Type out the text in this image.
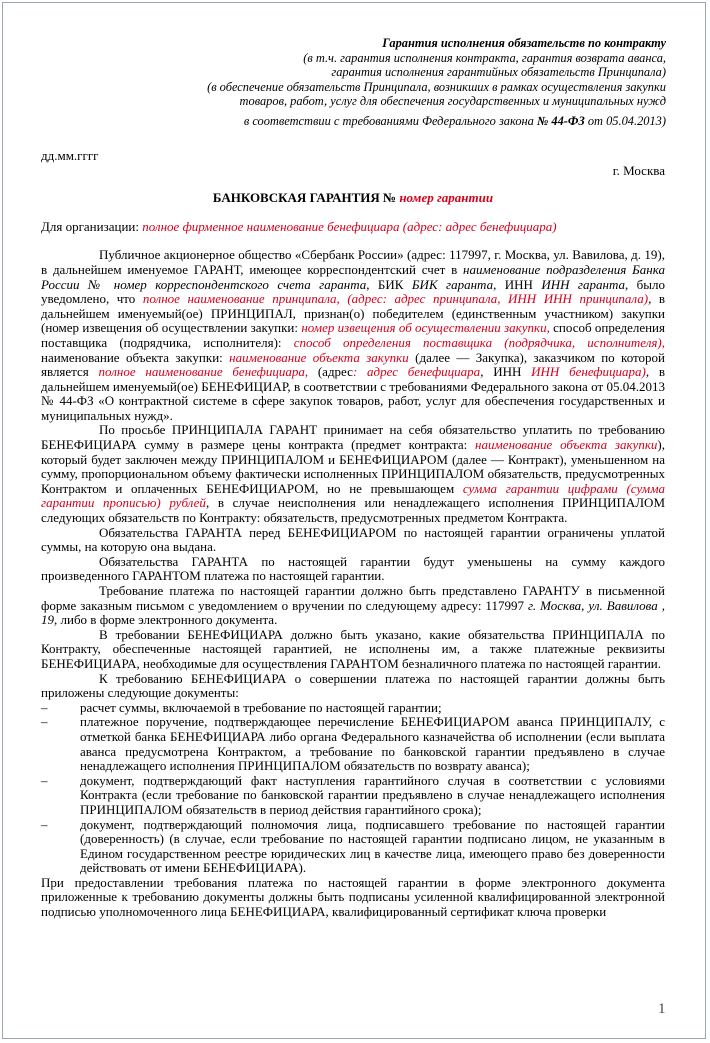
Гарантия исполнения обязательств по контракту
(в т.ч. гарантия исполнения контракта, гарантия возврата аванса,
гарантия исполнения гарантийных обязательств Принципала)
(в обеспечение обязательств Принципала, возникших в рамках осуществления закупки
товаров, работ, услуг для обеспечения государственных и муниципальных нужд
в соответствии с требованиями Федерального закона № 44-ФЗ от 05.04.2013)
дд.мм.гггг
г. Москва
БАНКОВСКАЯ ГАРАНТИЯ № номер гарантии
Для организации: полное фирменное наименование бенефициара (адрес: адрес бенефициара)

Публичное акционерное общество «Сбербанк России» (адрес: 117997, г. Москва, ул. Вавилова, д. 19), в дальнейшем именуемое ГАРАНТ, имеющее корреспондентский счет в наименование подразделения Банка России № номер корреспондентского счета гаранта, БИК БИК гаранта, ИНН ИНН гаранта, было уведомлено, что полное наименование принципала, (адрес: адрес принципала, ИНН ИНН принципала), в дальнейшем именуемый(ое) ПРИНЦИПАЛ, признан(о) победителем (единственным участником) закупки (номер извещения об осуществлении закупки: номер извещения об осуществлении закупки, способ определения поставщика (подрядчика, исполнителя): способ определения поставщика (подрядчика, исполнителя), наименование объекта закупки: наименование объекта закупки (далее — Закупка), заказчиком по которой является полное наименование бенефициара, (адрес: адрес бенефициара, ИНН ИНН бенефициара), в дальнейшем именуемый(ое) БЕНЕФИЦИАР, в соответствии с требованиями Федерального закона от 05.04.2013 № 44-ФЗ «О контрактной системе в сфере закупок товаров, работ, услуг для обеспечения государственных и муниципальных нужд».

По просьбе ПРИНЦИПАЛА ГАРАНТ принимает на себя обязательство уплатить по требованию БЕНЕФИЦИАРА сумму в размере цены контракта (предмет контракта: наименование объекта закупки), который будет заключен между ПРИНЦИПАЛОМ и БЕНЕФИЦИАРОМ (далее — Контракт), уменьшенном на сумму, пропорциональном объему фактически исполненных ПРИНЦИПАЛОМ обязательств, предусмотренных Контрактом и оплаченных БЕНЕФИЦИАРОМ, но не превышающем сумма гарантии цифрами (сумма гарантии прописью) рублей, в случае неисполнения или ненадлежащего исполнения ПРИНЦИПАЛОМ следующих обязательств по Контракту: обязательств, предусмотренных предметом Контракта.

Обязательства ГАРАНТА перед БЕНЕФИЦИАРОМ по настоящей гарантии ограничены уплатой суммы, на которую она выдана.

Обязательства ГАРАНТА по настоящей гарантии будут уменьшены на сумму каждого произведенного ГАРАНТОМ платежа по настоящей гарантии.

Требование платежа по настоящей гарантии должно быть представлено ГАРАНТУ в письменной форме заказным письмом с уведомлением о вручении по следующему адресу: 117997 г. Москва, ул. Вавилова , 19, либо в форме электронного документа.

В требовании БЕНЕФИЦИАРА должно быть указано, какие обязательства ПРИНЦИПАЛА по Контракту, обеспеченные настоящей гарантией, не исполнены им, а также платежные реквизиты БЕНЕФИЦИАРА, необходимые для осуществления ГАРАНТОМ безналичного платежа по настоящей гарантии.

К требованию БЕНЕФИЦИАРА о совершении платежа по настоящей гарантии должны быть приложены следующие документы:

–	расчет суммы, включаемой в требование по настоящей гарантии;
–	платежное поручение, подтверждающее перечисление БЕНЕФИЦИАРОМ аванса ПРИНЦИПАЛУ, с отметкой банка БЕНЕФИЦИАРА либо органа Федерального казначейства об исполнении (если выплата аванса предусмотрена Контрактом, а требование по банковской гарантии предъявлено в случае ненадлежащего исполнения ПРИНЦИПАЛОМ обязательств по возврату аванса);
–	документ, подтверждающий факт наступления гарантийного случая в соответствии с условиями Контракта (если требование по банковской гарантии предъявлено в случае ненадлежащего исполнения ПРИНЦИПАЛОМ обязательств в период действия гарантийного срока);
–	документ, подтверждающий полномочия лица, подписавшего требование по настоящей гарантии (доверенность) (в случае, если требование по настоящей гарантии подписано лицом, не указанным в Едином государственном реестре юридических лиц в качестве лица, имеющего право без доверенности действовать от имени БЕНЕФИЦИАРА).

При предоставлении требования платежа по настоящей гарантии в форме электронного документа приложенные к требованию документы должны быть подписаны усиленной квалифицированной электронной подписью уполномоченного лица БЕНЕФИЦИАРА, квалифицированный сертификат ключа проверки

1
